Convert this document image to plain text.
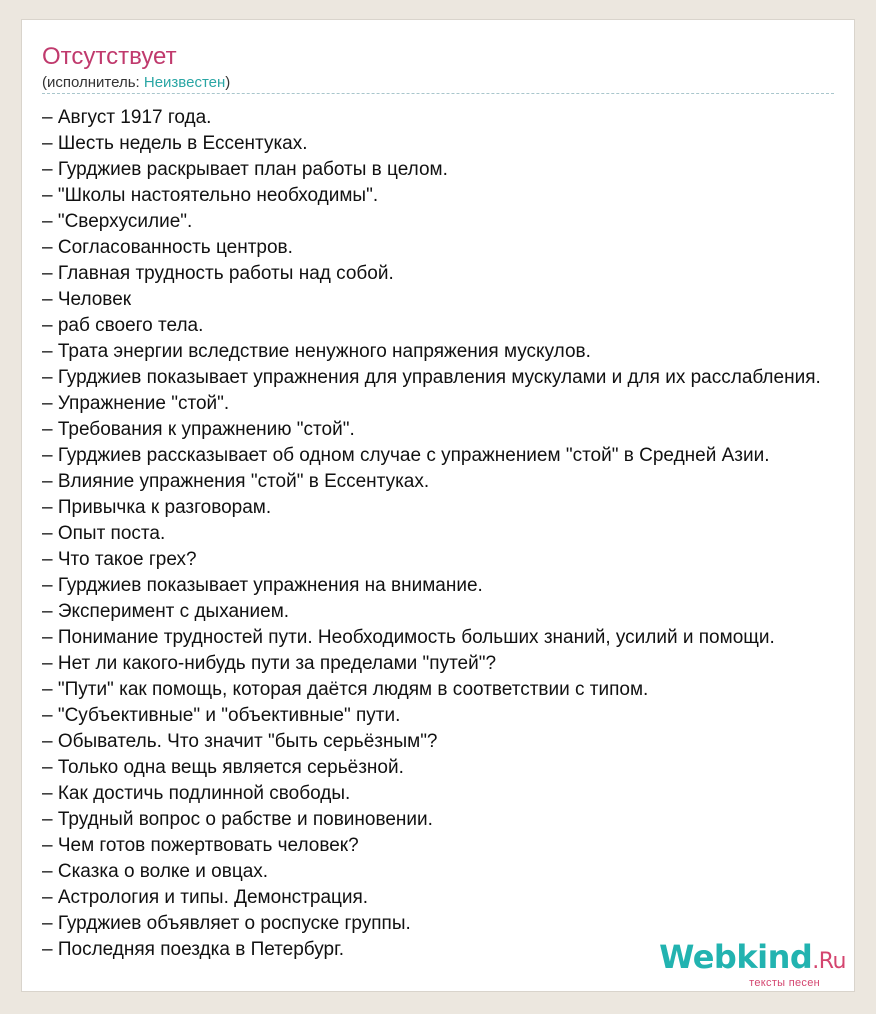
Отсутствует
(исполнитель: Неизвестен)
– Август 1917 года.
– Шесть недель в Ессентуках.
– Гурджиев раскрывает план работы в целом.
– "Школы настоятельно необходимы".
– "Сверхусилие".
– Согласованность центров.
– Главная трудность работы над собой.
– Человек
– раб своего тела.
– Трата энергии вследствие ненужного напряжения мускулов.
– Гурджиев показывает упражнения для управления мускулами и для их расслабления.
– Упражнение "стой".
– Требования к упражнению "стой".
– Гурджиев рассказывает об одном случае с упражнением "стой" в Средней Азии.
– Влияние упражнения "стой" в Ессентуках.
– Привычка к разговорам.
– Опыт поста.
– Что такое грех?
– Гурджиев показывает упражнения на внимание.
– Эксперимент с дыханием.
– Понимание трудностей пути. Необходимость больших знаний, усилий и помощи.
– Нет ли какого-нибудь пути за пределами "путей"?
– "Пути" как помощь, которая даётся людям в соответствии с типом.
– "Субъективные" и "объективные" пути.
– Обыватель. Что значит "быть серьёзным"?
– Только одна вещь является серьёзной.
– Как достичь подлинной свободы.
– Трудный вопрос о рабстве и повиновении.
– Чем готов пожертвовать человек?
– Сказка о волке и овцах.
– Астрология и типы. Демонстрация.
– Гурджиев объявляет о роспуске группы.
– Последняя поездка в Петербург.	Webkind.Ru
тексты песен
